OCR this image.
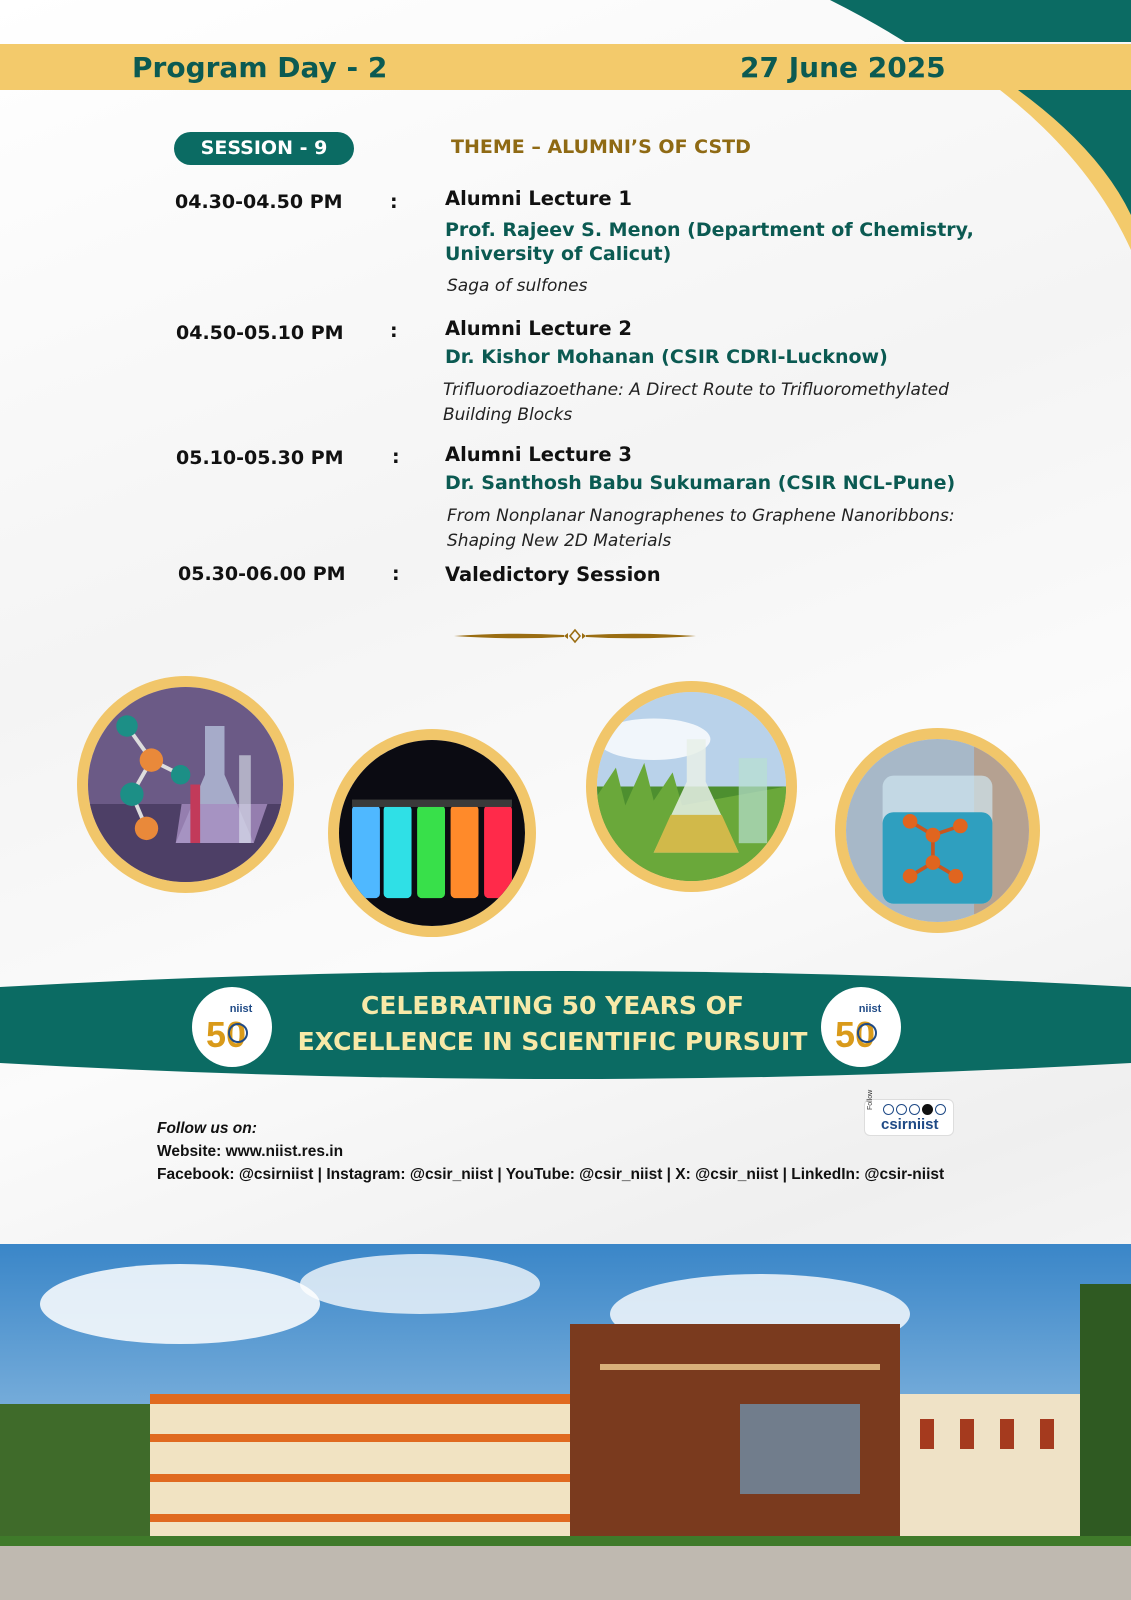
Program Day - 2	27 June 2025
SESSION - 9	THEME – ALUMNI’S OF CSTD
04.30-04.50 PM : Alumni Lecture 1
Prof. Rajeev S. Menon (Department of Chemistry, University of Calicut)
Saga of sulfones
04.50-05.10 PM : Alumni Lecture 2
Dr. Kishor Mohanan (CSIR CDRI-Lucknow)
Trifluorodiazoethane: A Direct Route to Trifluoromethylated Building Blocks
05.10-05.30 PM	: Alumni Lecture 3
Dr. Santhosh Babu Sukumaran (CSIR NCL-Pune)
From Nonplanar Nanographenes to Graphene Nanoribbons: Shaping New 2D Materials
05.30-06.00 PM : Valedictory Session
niist
50
niist
50
CELEBRATING 50 YEARS OF
EXCELLENCE IN SCIENTIFIC PURSUIT
Follow us on:
Website: www.niist.res.in
Facebook: @csirniist | Instagram: @csir_niist | YouTube: @csir_niist | X: @csir_niist | LinkedIn: @csir-niist
Follow
csirniist
